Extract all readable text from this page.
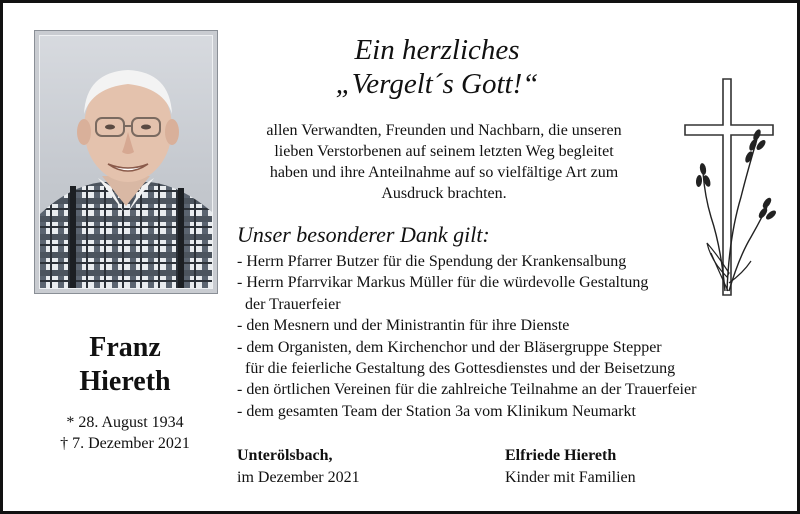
Franz
Hiereth
* 28. August 1934
† 7. Dezember 2021
Ein herzliches
„Vergelt´s Gott!“
allen Verwandten, Freunden und Nachbarn, die unseren
lieben Verstorbenen auf seinem letzten Weg begleitet
haben und ihre Anteilnahme auf so vielfältige Art zum
Ausdruck brachten.
Unser besonderer Dank gilt:
- Herrn Pfarrer Butzer für die Spendung der Krankensalbung
- Herrn Pfarrvikar Markus Müller für die würdevolle Gestaltung
der Trauerfeier
- den Mesnern und der Ministrantin für ihre Dienste
- dem Organisten, dem Kirchenchor und der Bläsergruppe Stepper
für die feierliche Gestaltung des Gottesdienstes und der Beisetzung
- den örtlichen Vereinen für die zahlreiche Teilnahme an der Trauerfeier
- dem gesamten Team der Station 3a vom Klinikum Neumarkt
Unterölsbach,
im Dezember 2021
Elfriede Hiereth
Kinder mit Familien
